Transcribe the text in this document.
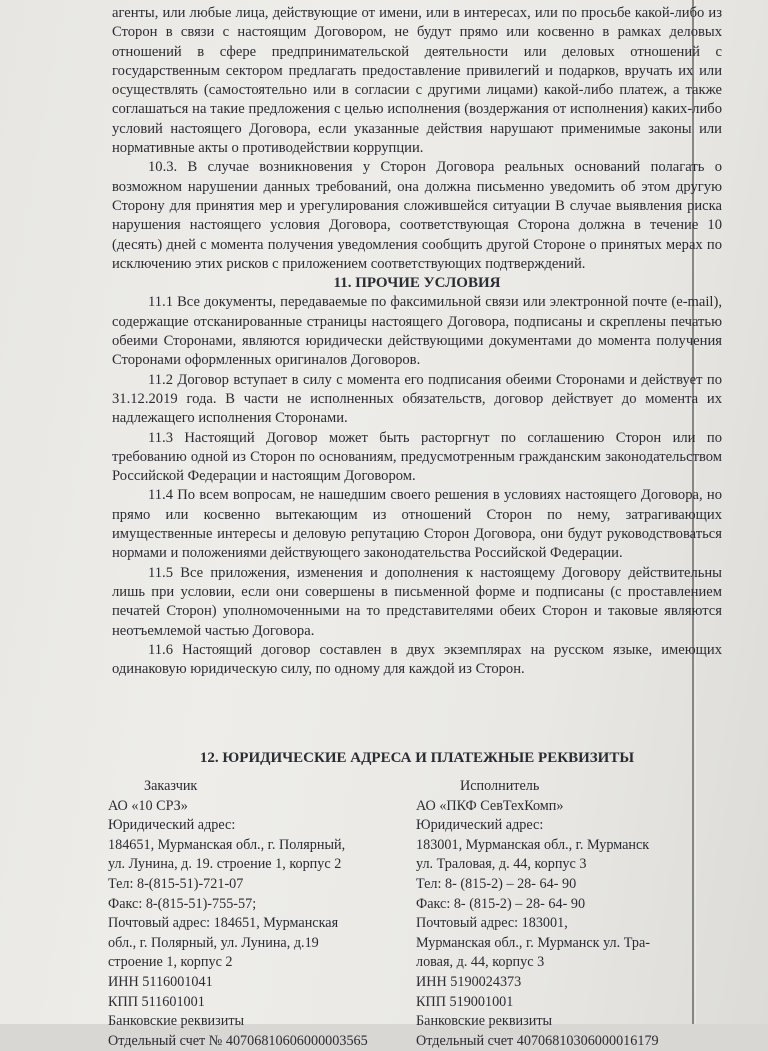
агенты, или любые лица, действующие от имени, или в интересах, или по просьбе какой-либо из Сторон в связи с настоящим Договором, не будут прямо или косвенно в рамках деловых отношений в сфере предпринимательской деятельности или деловых отношений с государственным сектором предлагать предоставление привилегий и подарков, вручать их или осуществлять (самостоятельно или в согласии с другими лицами) какой-либо платеж, а также соглашаться на такие предложения с целью исполнения (воздержания от исполнения) каких-либо условий настоящего Договора, если указанные действия нарушают применимые законы или нормативные акты о противодействии коррупции.

10.3. В случае возникновения у Сторон Договора реальных оснований полагать о возможном нарушении данных требований, она должна письменно уведомить об этом другую Сторону для принятия мер и урегулирования сложившейся ситуации В случае выявления риска нарушения настоящего условия Договора, соответствующая Сторона должна в течение 10 (десять) дней с момента получения уведомления сообщить другой Стороне о принятых мерах по исключению этих рисков с приложением соответствующих подтверждений.

11. ПРОЧИЕ УСЛОВИЯ

11.1 Все документы, передаваемые по факсимильной связи или электронной почте (e-mail), содержащие отсканированные страницы настоящего Договора, подписаны и скреплены печатью обеими Сторонами, являются юридически действующими документами до момента получения Сторонами оформленных оригиналов Договоров.

11.2 Договор вступает в силу с момента его подписания обеими Сторонами и действует по 31.12.2019 года. В части не исполненных обязательств, договор действует до момента их надлежащего исполнения Сторонами.

11.3 Настоящий Договор может быть расторгнут по соглашению Сторон или по требованию одной из Сторон по основаниям, предусмотренным гражданским законодательством Российской Федерации и настоящим Договором.

11.4 По всем вопросам, не нашедшим своего решения в условиях настоящего Договора, но прямо или косвенно вытекающим из отношений Сторон по нему, затрагивающих имущественные интересы и деловую репутацию Сторон Договора, они будут руководствоваться нормами и положениями действующего законодательства Российской Федерации.

11.5 Все приложения, изменения и дополнения к настоящему Договору действительны лишь при условии, если они совершены в письменной форме и подписаны (с проставлением печатей Сторон) уполномоченными на то представителями обеих Сторон и таковые являются неотъемлемой частью Договора.

11.6 Настоящий договор составлен в двух экземплярах на русском языке, имеющих одинаковую юридическую силу, по одному для каждой из Сторон.

12. ЮРИДИЧЕСКИЕ АДРЕСА И ПЛАТЕЖНЫЕ РЕКВИЗИТЫ

Заказчик
АО «10 СРЗ»
Юридический адрес:
184651, Мурманская обл., г. Полярный,
ул. Лунина, д. 19. строение 1, корпус 2
Тел: 8-(815-51)-721-07
Факс: 8-(815-51)-755-57;
Почтовый адрес: 184651, Мурманская
обл., г. Полярный, ул. Лунина, д.19
строение 1, корпус 2
ИНН 5116001041
КПП 511601001
Банковские реквизиты
Отдельный счет № 40706810606000003565
Исполнитель
АО «ПКФ СевТехКомп»
Юридический адрес:
183001, Мурманская обл., г. Мурманск
ул. Траловая, д. 44, корпус 3
Тел: 8- (815-2) – 28- 64- 90
Факс: 8- (815-2) – 28- 64- 90
Почтовый адрес: 183001,
Мурманская обл., г. Мурманск ул. Тра-
ловая, д. 44, корпус 3
ИНН 5190024373
КПП 519001001
Банковские реквизиты
Отдельный счет 40706810306000016179
